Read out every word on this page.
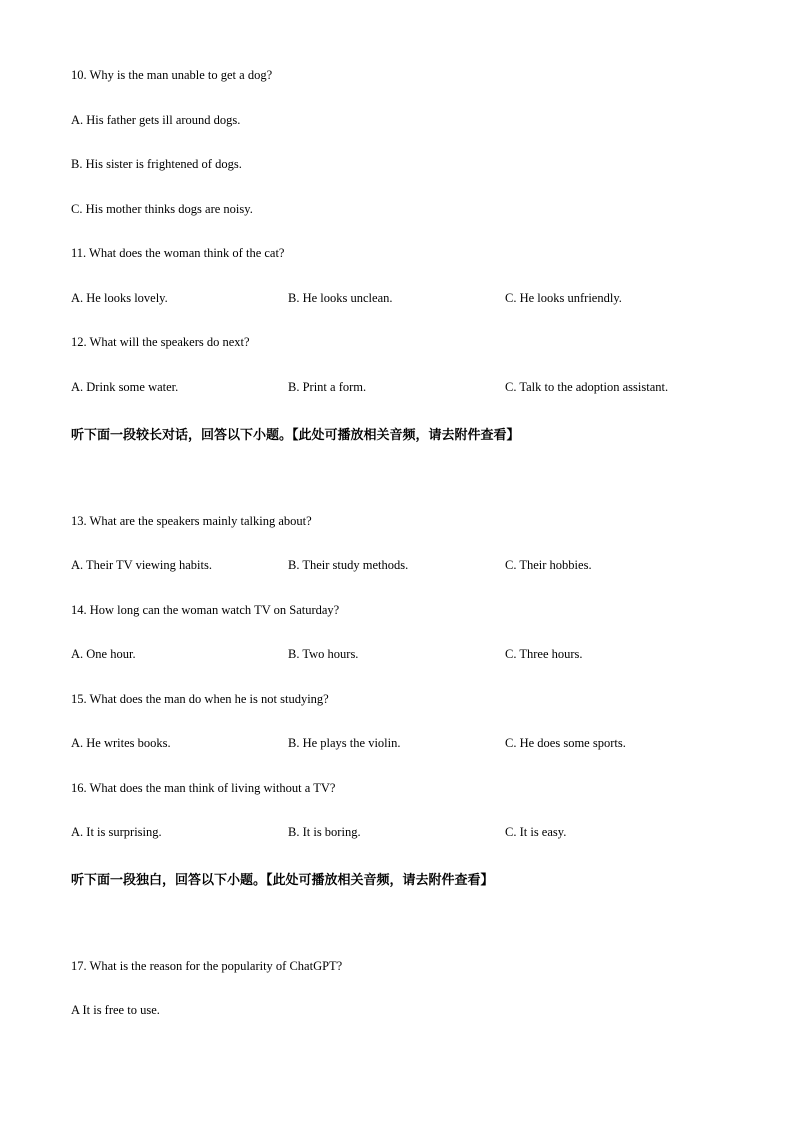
10. Why is the man unable to get a dog?
A. His father gets ill around dogs.
B. His sister is frightened of dogs.
C. His mother thinks dogs are noisy.
11. What does the woman think of the cat?
A. He looks lovely.	B. He looks unclean.	C. He looks unfriendly.
12. What will the speakers do next?
A. Drink some water.	B. Print a form.	C. Talk to the adoption assistant.
听下面一段较长对话，回答以下小题。【此处可播放相关音频，请去附件查看】
13. What are the speakers mainly talking about?
A. Their TV viewing habits.	B. Their study methods.	C. Their hobbies.
14. How long can the woman watch TV on Saturday?
A. One hour.	B. Two hours.	C. Three hours.
15. What does the man do when he is not studying?
A. He writes books.	B. He plays the violin.	C. He does some sports.
16. What does the man think of living without a TV?
A. It is surprising.	B. It is boring.	C. It is easy.
听下面一段独白，回答以下小题。【此处可播放相关音频，请去附件查看】
17. What is the reason for the popularity of ChatGPT?
A It is free to use.
